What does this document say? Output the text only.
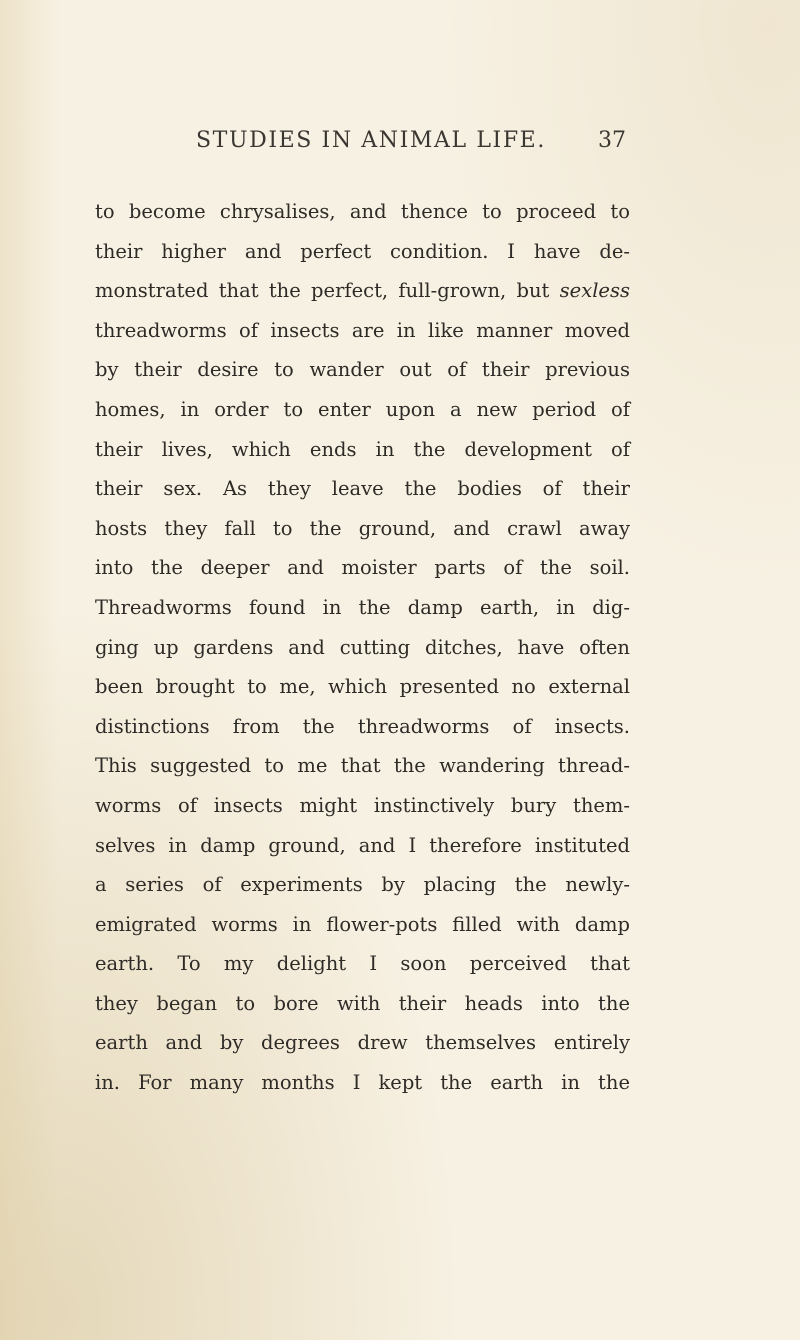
STUDIES IN ANIMAL LIFE. 37
to become chrysalises, and thence to proceed to
their higher and perfect condition. I have de-
monstrated that the perfect, full-grown, but sexless
threadworms of insects are in like manner moved
by their desire to wander out of their previous
homes, in order to enter upon a new period of
their lives, which ends in the development of
their sex. As they leave the bodies of their
hosts they fall to the ground, and crawl away
into the deeper and moister parts of the soil.
Threadworms found in the damp earth, in dig-
ging up gardens and cutting ditches, have often
been brought to me, which presented no external
distinctions from the threadworms of insects.
This suggested to me that the wandering thread-
worms of insects might instinctively bury them-
selves in damp ground, and I therefore instituted
a series of experiments by placing the newly-
emigrated worms in flower-pots filled with damp
earth. To my delight I soon perceived that
they began to bore with their heads into the
earth and by degrees drew themselves entirely
in. For many months I kept the earth in the
